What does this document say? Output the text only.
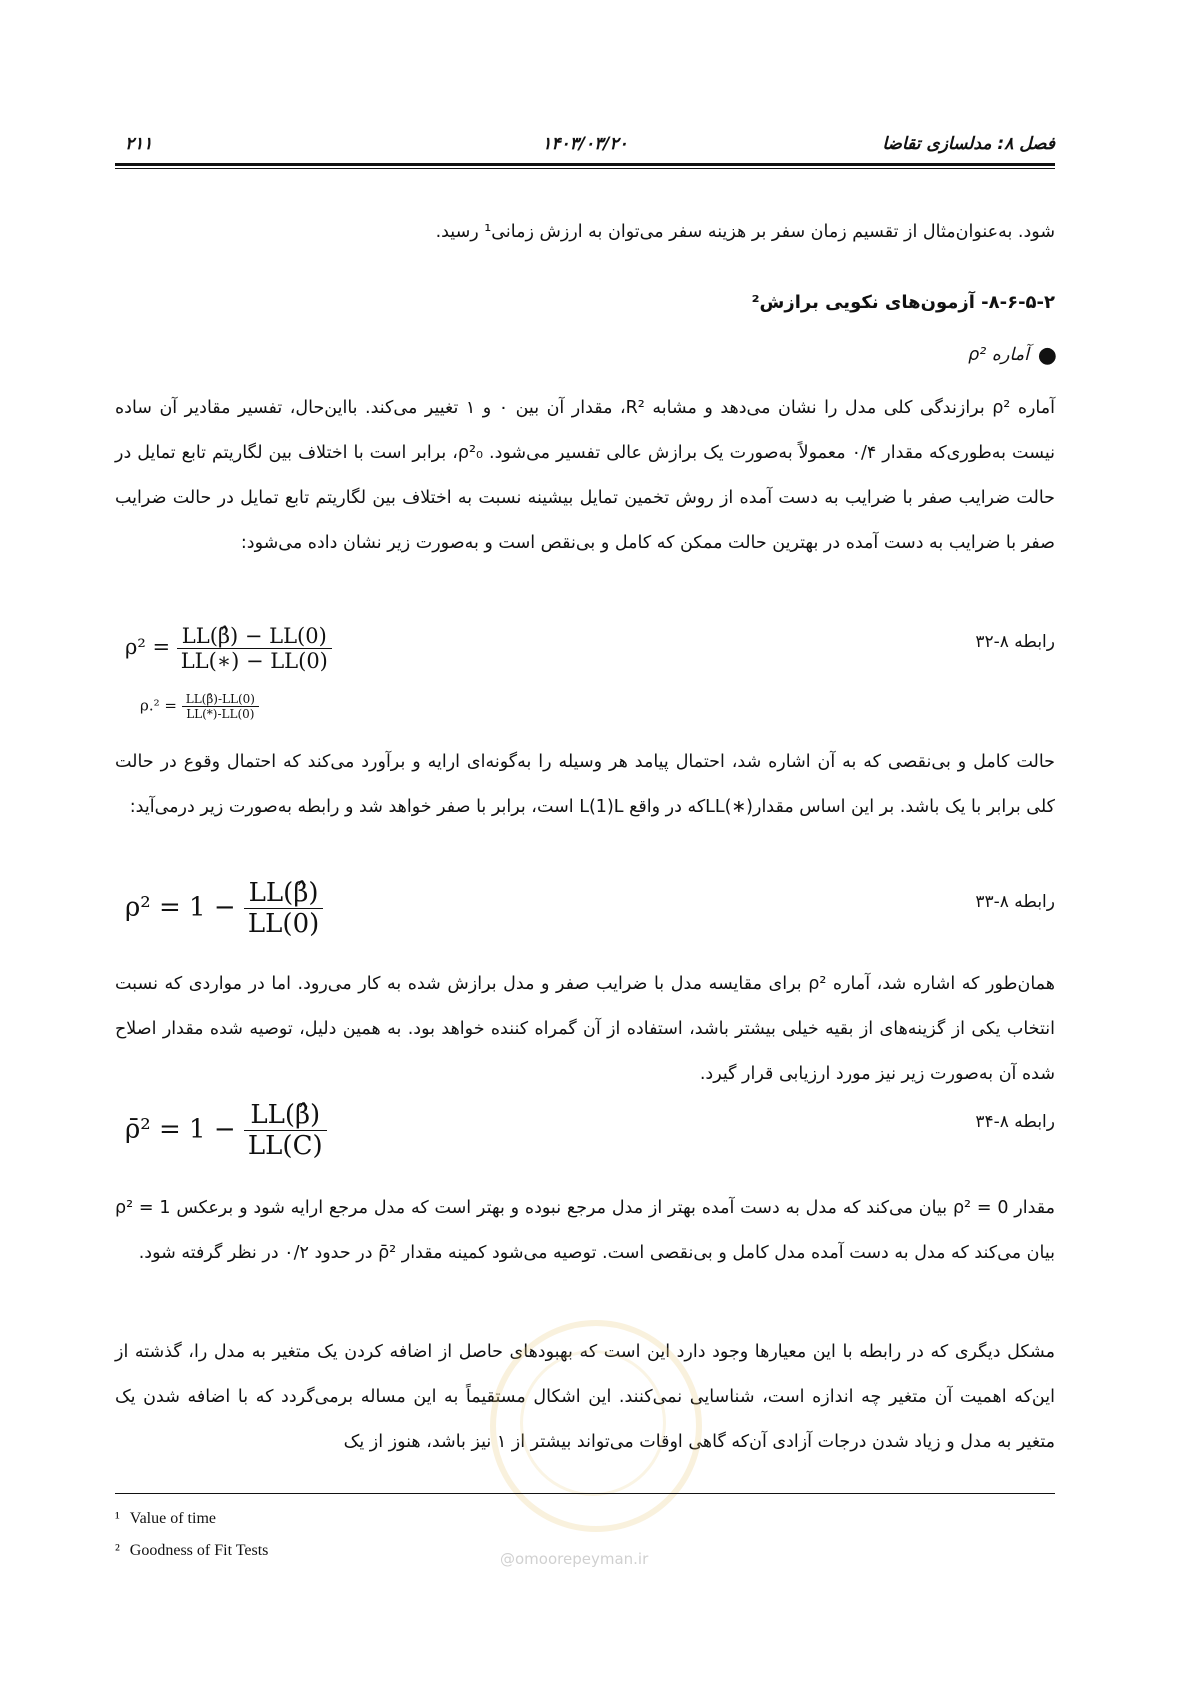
فصل ۸: مدلسازی تقاضا
۱۴۰۳/۰۳/۲۰
۲۱۱
شود. به‌عنوان‌مثال از تقسیم زمان سفر بر هزینه سفر می‌توان به ارزش زمانی¹ رسید.
۸-۶-۵-۲- آزمون‌های نکویی برازش²
●
آماره ρ²
آماره ρ² برازندگی کلی مدل را نشان می‌دهد و مشابه R²، مقدار آن بین ۰ و ۱ تغییر می‌کند. بااین‌حال، تفسیر مقادیر آن ساده نیست به‌طوری‌که مقدار ۰/۴ معمولاً به‌صورت یک برازش عالی تفسیر می‌شود. ρ²₀، برابر است با اختلاف بین لگاریتم تابع تمایل در حالت ضرایب صفر با ضرایب به دست آمده از روش تخمین تمایل بیشینه نسبت به اختلاف بین لگاریتم تابع تمایل در حالت ضرایب صفر با ضرایب به دست آمده در بهترین حالت ممکن که کامل و بی‌نقص است و به‌صورت زیر نشان داده می‌شود:
رابطه ۸-۳۲
$\rho^2 = \frac{LL(\betâ) - LL(0)}{LL(∗) - LL(0)}$
$\rho.^2 = \frac{LL(\betâ)-LL(0)}{LL(*)-LL(0)}$
حالت کامل و بی‌نقصی که به آن اشاره شد، احتمال پیامد هر وسیله را به‌گونه‌ای ارایه و برآورد می‌کند که احتمال وقوع در حالت کلی برابر با یک باشد. بر این اساس مقدار(∗)LLکه در واقع L(1)L است، برابر با صفر خواهد شد و رابطه به‌صورت زیر درمی‌آید:
رابطه ۸-۳۳
$\rho^2 = 1 - \frac{LL(\betâ)}{LL(0)}$
همان‌طور که اشاره شد، آماره ρ² برای مقایسه مدل با ضرایب صفر و مدل برازش شده به کار می‌رود. اما در مواردی که نسبت انتخاب یکی از گزینه‌های از بقیه خیلی بیشتر باشد، استفاده از آن گمراه کننده خواهد بود. به همین دلیل، توصیه شده مقدار اصلاح شده آن به‌صورت زیر نیز مورد ارزیابی قرار گیرد.
رابطه ۸-۳۴
ρ̄² = $1 - \frac{LL(\betâ)}{LL(C)}$
مقدار ρ² = 0 بیان می‌کند که مدل به دست آمده بهتر از مدل مرجع نبوده و بهتر است که مدل مرجع ارایه شود و برعکس ρ² = 1 بیان می‌کند که مدل به دست آمده مدل کامل و بی‌نقصی است. توصیه می‌شود کمینه مقدار ρ̄² در حدود ۰/۲ در نظر گرفته شود.
مشکل دیگری که در رابطه با این معیارها وجود دارد این است که بهبودهای حاصل از اضافه کردن یک متغیر به مدل را، گذشته از این‌که اهمیت آن متغیر چه اندازه است، شناسایی نمی‌کنند. این اشکال مستقیماً به این مساله برمی‌گردد که با اضافه شدن یک متغیر به مدل و زیاد شدن درجات آزادی آن‌که گاهی اوقات می‌تواند بیشتر از ۱ نیز باشد، هنوز از یک
@omoorepeyman.ir
¹ Value of time
² Goodness of Fit Tests
